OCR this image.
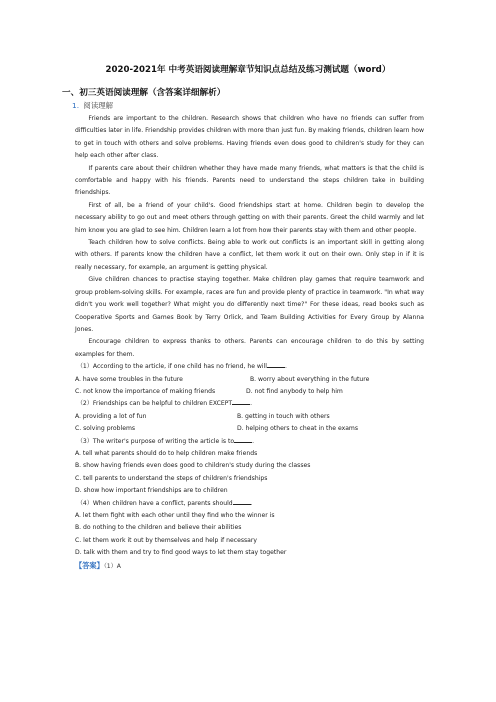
2020-2021年 中考英语阅读理解章节知识点总结及练习测试题（word）
一、初三英语阅读理解（含答案详细解析）
1. 阅读理解

Friends are important to the children. Research shows that children who have no friends can suffer from difficulties later in life. Friendship provides children with more than just fun. By making friends, children learn how to get in touch with others and solve problems. Having friends even does good to children's study for they can help each other after class.

If parents care about their children whether they have made many friends, what matters is that the child is comfortable and happy with his friends. Parents need to understand the steps children take in building friendships.

First of all, be a friend of your child's. Good friendships start at home. Children begin to develop the necessary ability to go out and meet others through getting on with their parents. Greet the child warmly and let him know you are glad to see him. Children learn a lot from how their parents stay with them and other people.

Teach children how to solve conflicts. Being able to work out conflicts is an important skill in getting along with others. If parents know the children have a conflict, let them work it out on their own. Only step in if it is really necessary, for example, an argument is getting physical.

Give children chances to practise staying together. Make children play games that require teamwork and group problem-solving skills. For example, races are fun and provide plenty of practice in teamwork. "In what way didn't you work well together? What might you do differently next time?" For these ideas, read books such as Cooperative Sports and Games Book by Terry Orlick, and Team Building Activities for Every Group by Alanna Jones.

Encourage children to express thanks to others. Parents can encourage children to do this by setting examples for them.

（1）According to the article, if one child has no friend, he will	.

A. have some troubles in the future	B. worry about everything in the future
C. not know the importance of making friends	D. not find anybody to help him

（2）Friendships can be helpful to children EXCEPT	.

A. providing a lot of fun	B. getting in touch with others
C. solving problems	D. helping others to cheat in the exams

（3）The writer's purpose of writing the article is to	.

A. tell what parents should do to help children make friends

B. show having friends even does good to children's study during the classes

C. tell parents to understand the steps of children's friendships

D. show how important friendships are to children

（4）When children have a conflict, parents should	.

A. let them fight with each other until they find who the winner is

B. do nothing to the children and believe their abilities

C. let them work it out by themselves and help if necessary

D. talk with them and try to find good ways to let them stay together

【答案】（1）A
